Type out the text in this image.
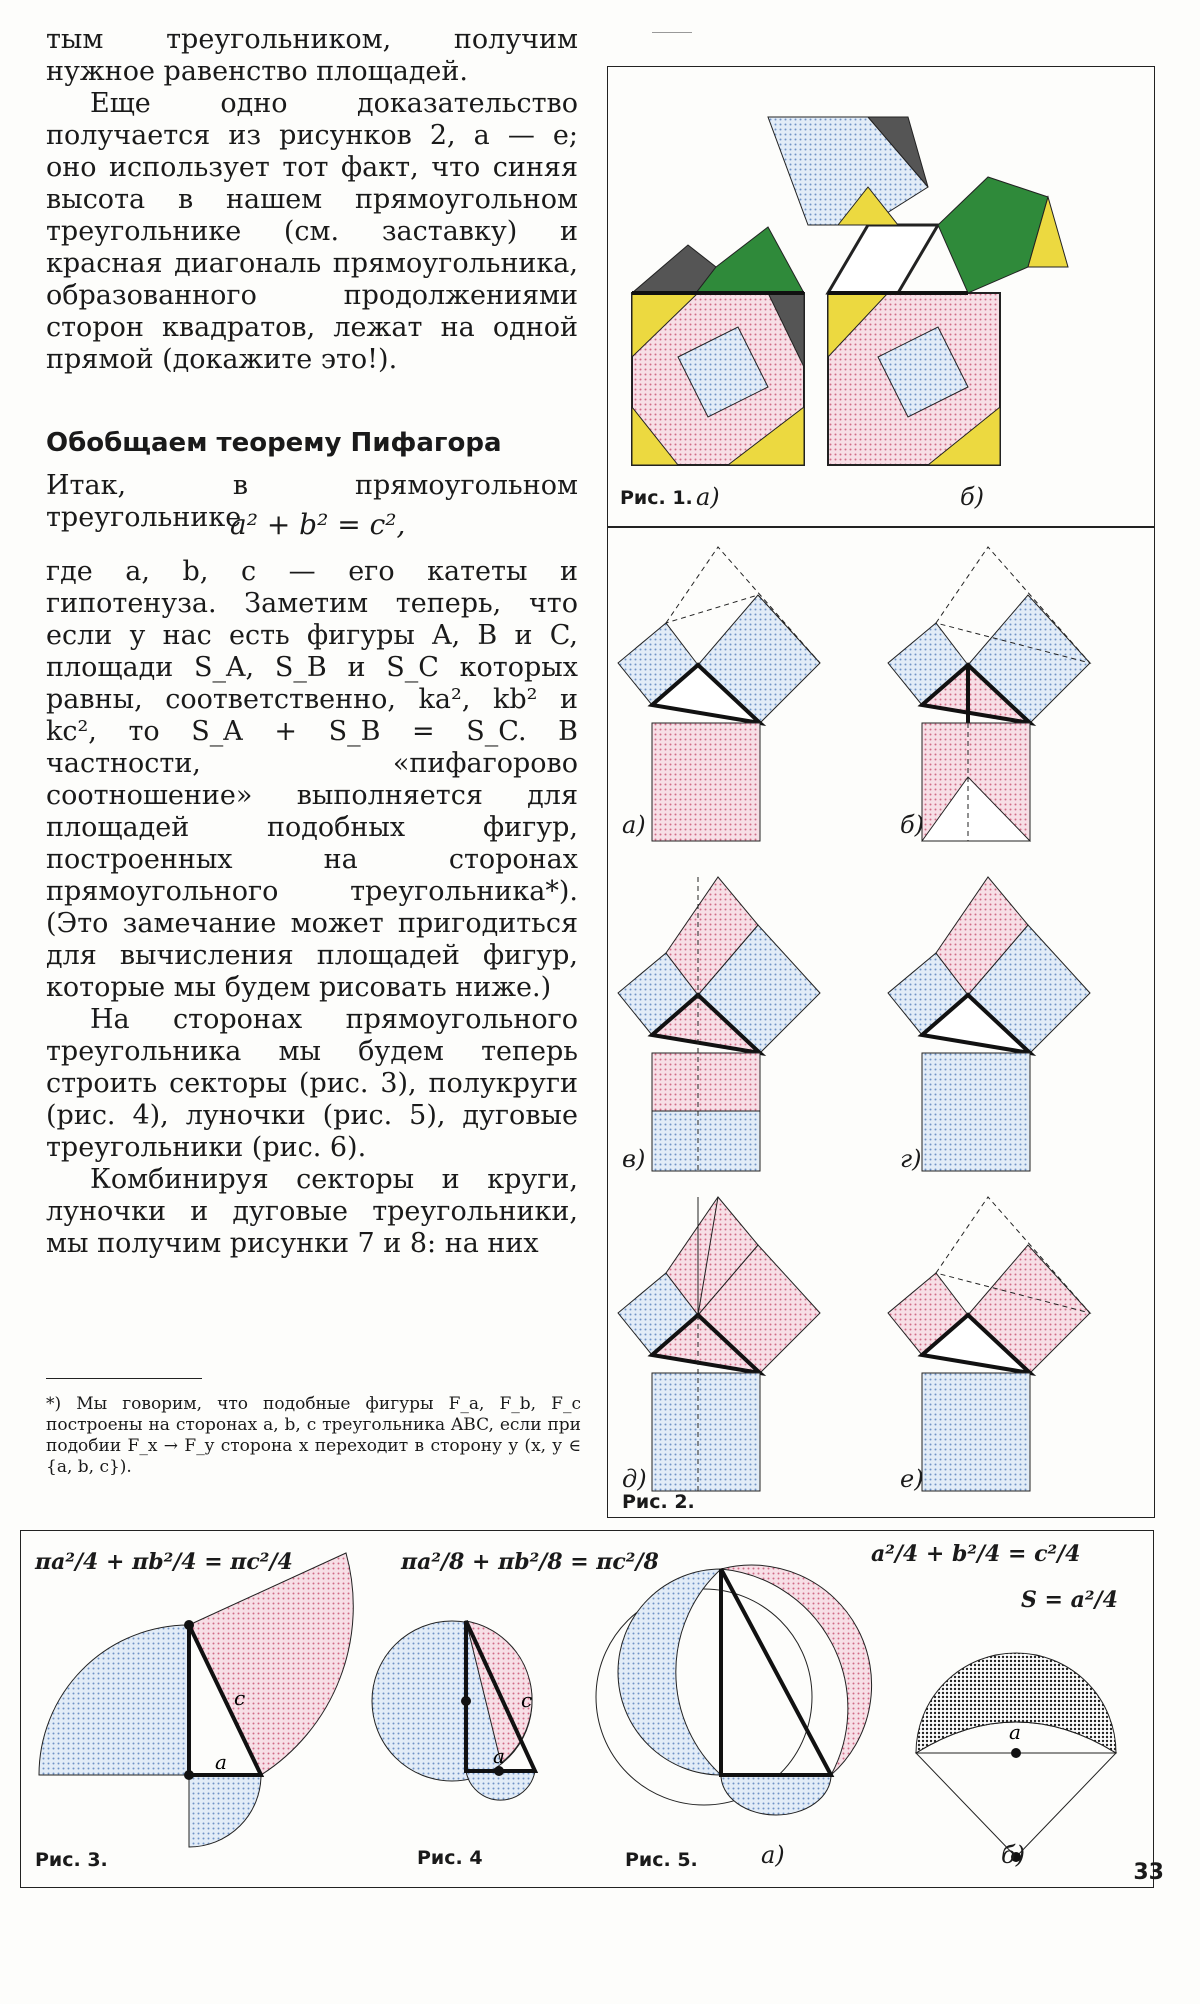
тым треугольником, получим нужное равенство площадей.

Еще одно доказательство получается из рисунков 2, а — е; оно использует тот факт, что синяя высота в нашем прямоугольном треугольнике (см. заставку) и красная диагональ прямоугольника, образованного продолжениями сторон квадратов, лежат на одной прямой (докажите это!).

Обобщаем теорему Пифагора

Итак, в прямоугольном треугольнике

a² + b² = c²,

где a, b, c — его катеты и гипотенуза. Заметим теперь, что если у нас есть фигуры A, B и C, площади S_A, S_B и S_C которых равны, соответственно, ka², kb² и kc², то S_A + S_B = S_C. В частности, «пифагорово соотношение» выполняется для площадей подобных фигур, построенных на сторонах прямоугольного треугольника*). (Это замечание может пригодиться для вычисления площадей фигур, которые мы будем рисовать ниже.)

На сторонах прямоугольного треугольника мы будем теперь строить секторы (рис. 3), полукруги (рис. 4), луночки (рис. 5), дуговые треугольники (рис. 6).

Комбинируя секторы и круги, луночки и дуговые треугольники, мы получим рисунки 7 и 8: на них

*) Мы говорим, что подобные фигуры F_a, F_b, F_c построены на сторонах a, b, c треугольника ABC, если при подобии F_x → F_y сторона x переходит в сторону y (x, y ∈ {a, b, c}).
Рис. 1. а)	б)
а)	б)
в)	г)
д)	е)
Рис. 2.
c
a
c
a
a
πa²/4 + πb²/4 = πc²/4	πa²/8 + πb²/8 = πc²/8	a²/4 + b²/4 = c²/4
S = a²/4
Рис. 3.	Рис. 4	Рис. 5.	а)	б)
33
